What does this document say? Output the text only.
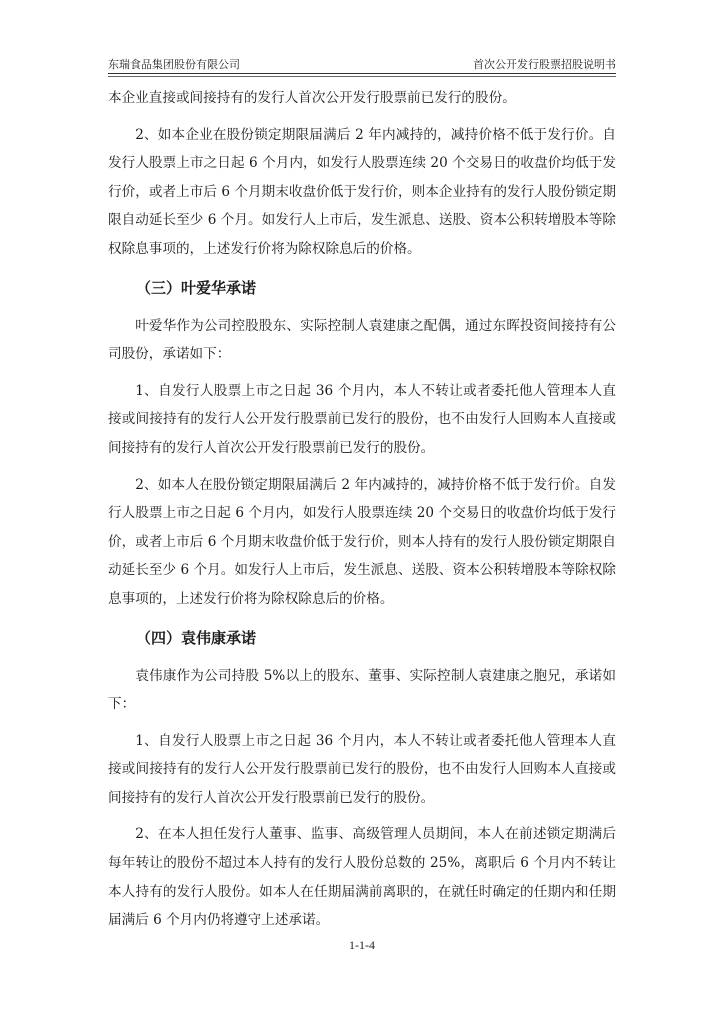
东瑞食品集团股份有限公司	首次公开发行股票招股说明书

本企业直接或间接持有的发行人首次公开发行股票前已发行的股份。

2、如本企业在股份锁定期限届满后 2 年内减持的，减持价格不低于发行价。自发行人股票上市之日起 6 个月内，如发行人股票连续 20 个交易日的收盘价均低于发行价，或者上市后 6 个月期末收盘价低于发行价，则本企业持有的发行人股份锁定期限自动延长至少 6 个月。如发行人上市后，发生派息、送股、资本公积转增股本等除权除息事项的，上述发行价将为除权除息后的价格。

（三）叶爱华承诺

叶爱华作为公司控股股东、实际控制人袁建康之配偶，通过东晖投资间接持有公司股份，承诺如下：

1、自发行人股票上市之日起 36 个月内，本人不转让或者委托他人管理本人直接或间接持有的发行人公开发行股票前已发行的股份，也不由发行人回购本人直接或间接持有的发行人首次公开发行股票前已发行的股份。

2、如本人在股份锁定期限届满后 2 年内减持的，减持价格不低于发行价。自发行人股票上市之日起 6 个月内，如发行人股票连续 20 个交易日的收盘价均低于发行价，或者上市后 6 个月期末收盘价低于发行价，则本人持有的发行人股份锁定期限自动延长至少 6 个月。如发行人上市后，发生派息、送股、资本公积转增股本等除权除息事项的，上述发行价将为除权除息后的价格。

（四）袁伟康承诺

袁伟康作为公司持股 5%以上的股东、董事、实际控制人袁建康之胞兄，承诺如下：

1、自发行人股票上市之日起 36 个月内，本人不转让或者委托他人管理本人直接或间接持有的发行人公开发行股票前已发行的股份，也不由发行人回购本人直接或间接持有的发行人首次公开发行股票前已发行的股份。

2、在本人担任发行人董事、监事、高级管理人员期间，本人在前述锁定期满后每年转让的股份不超过本人持有的发行人股份总数的 25%，离职后 6 个月内不转让本人持有的发行人股份。如本人在任期届满前离职的，在就任时确定的任期内和任期届满后 6 个月内仍将遵守上述承诺。

1-1-4
